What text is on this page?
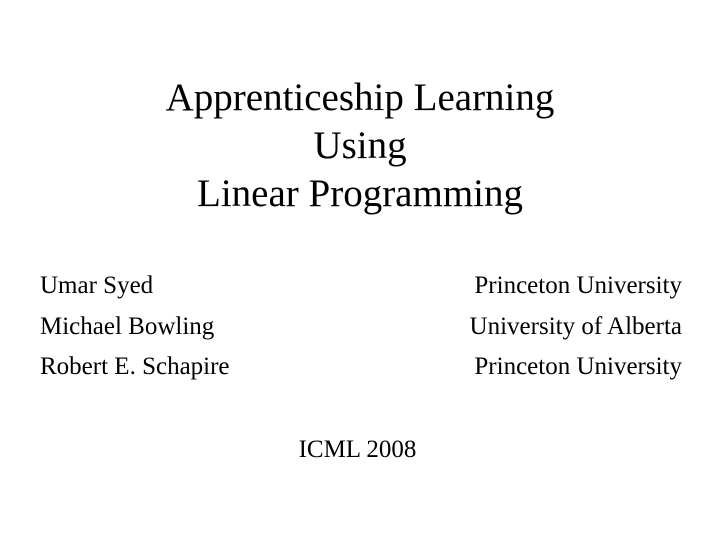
Apprenticeship Learning
Using
Linear Programming
Umar Syed
Michael Bowling
Robert E. Schapire
Princeton University
University of Alberta
Princeton University
ICML 2008
